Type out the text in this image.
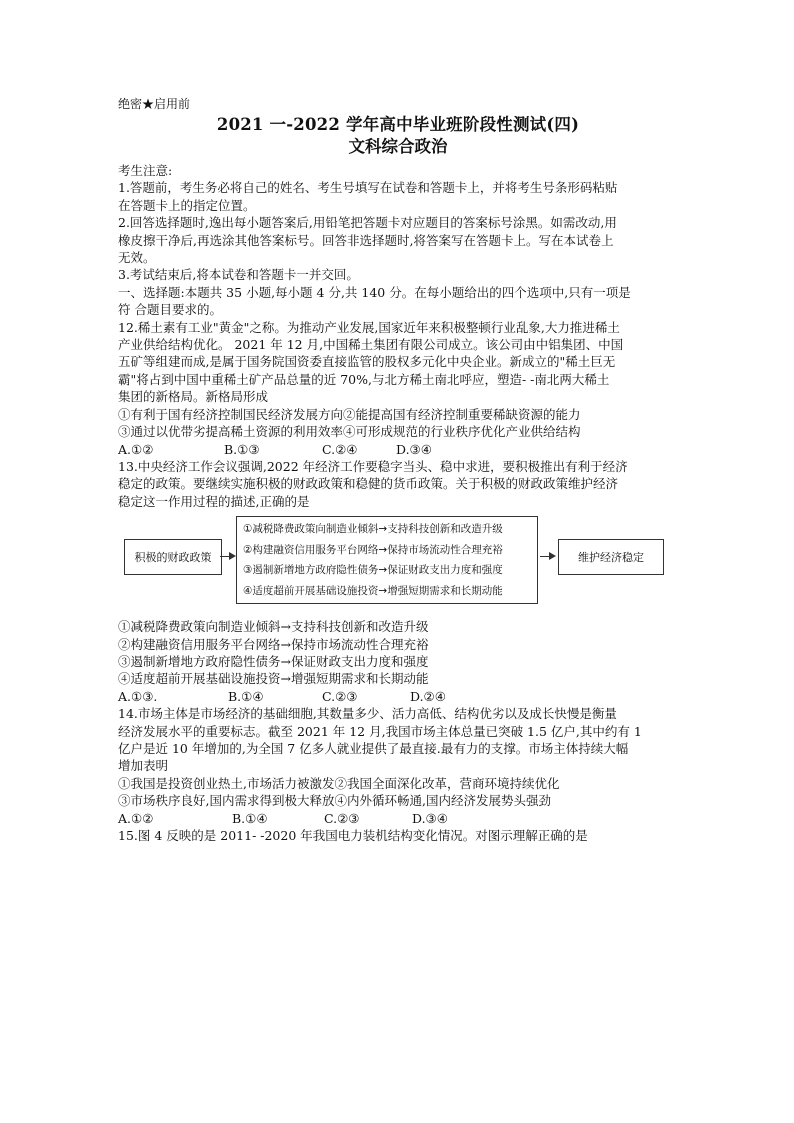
绝密★启用前
2021 一-2022 学年高中毕业班阶段性测试(四)
文科综合政治
考生注意:
1.答题前，考生务必将自己的姓名、考生号填写在试卷和答题卡上，并将考生号条形码粘贴
在答题卡上的指定位置。
2.回答选择题时,逸出每小题答案后,用铅笔把答题卡对应题目的答案标号涂黑。如需改动,用
橡皮擦干净后,再选涂其他答案标号。回答非选择题时,将答案写在答题卡上。写在本试卷上
无效。
3.考试结束后,将本试卷和答题卡一并交回。
一、选择题:本题共 35 小题,每小题 4 分,共 140 分。在每小题给出的四个选项中,只有一项是
符 合题目要求的。
12.稀土素有工业"黄金"之称。为推动产业发展,国家近年来积极整顿行业乱象,大力推进稀土
产业供给结构优化。 2021 年 12 月,中国稀土集团有限公司成立。该公司由中铝集团、中国
五矿等组建而成,是属于国务院国资委直接监管的股权多元化中央企业。新成立的"稀土巨无
霸"将占到中国中重稀土矿产品总量的近 70%,与北方稀土南北呼应，塑造- -南北两大稀土
集团的新格局。新格局形成
①有利于国有经济控制国民经济发展方向②能提高国有经济控制重要稀缺资源的能力
③通过以优带劣提高稀土资源的利用效率④可形成规范的行业秩序优化产业供给结构
A.①②	B.①③	C.②④	D.③④
13.中央经济工作会议强调,2022 年经济工作要稳字当头、稳中求进，要积极推出有利于经济
稳定的政策。要继续实施积极的财政政策和稳健的货币政策。关于积极的财政政策维护经济
稳定这一作用过程的描述,正确的是
积极的财政政策
①减税降费政策向制造业倾斜→支持科技创新和改造升级
②构建融资信用服务平台网络→保持市场流动性合理充裕
③遏制新增地方政府隐性债务→保证财政支出力度和强度
④适度超前开展基础设施投资→增强短期需求和长期动能
维护经济稳定
①减税降费政策向制造业倾斜→支持科技创新和改造升级
②构建融资信用服务平台网络→保持市场流动性合理充裕
③遏制新增地方政府隐性债务→保证财政支出力度和强度
④适度超前开展基础设施投资→增强短期需求和长期动能
A.①③.	B.①④	C.②③	D.②④
14.市场主体是市场经济的基础细胞,其数量多少、活力高低、结构优劣以及成长快慢是衡量
经济发展水平的重要标志。截至 2021 年 12 月,我国市场主体总量已突破 1.5 亿户,其中约有 1
亿户是近 10 年增加的,为全国 7 亿多人就业提供了最直接.最有力的支撑。市场主体持续大幅
增加表明
①我国是投资创业热土,市场活力被激发②我国全面深化改革，营商环境持续优化
③市场秩序良好,国内需求得到极大释放④内外循环畅通,国内经济发展势头强劲
A.①②	B.①④	C.②③	D.③④
15.图 4 反映的是 2011- -2020 年我国电力装机结构变化情况。对图示理解正确的是
